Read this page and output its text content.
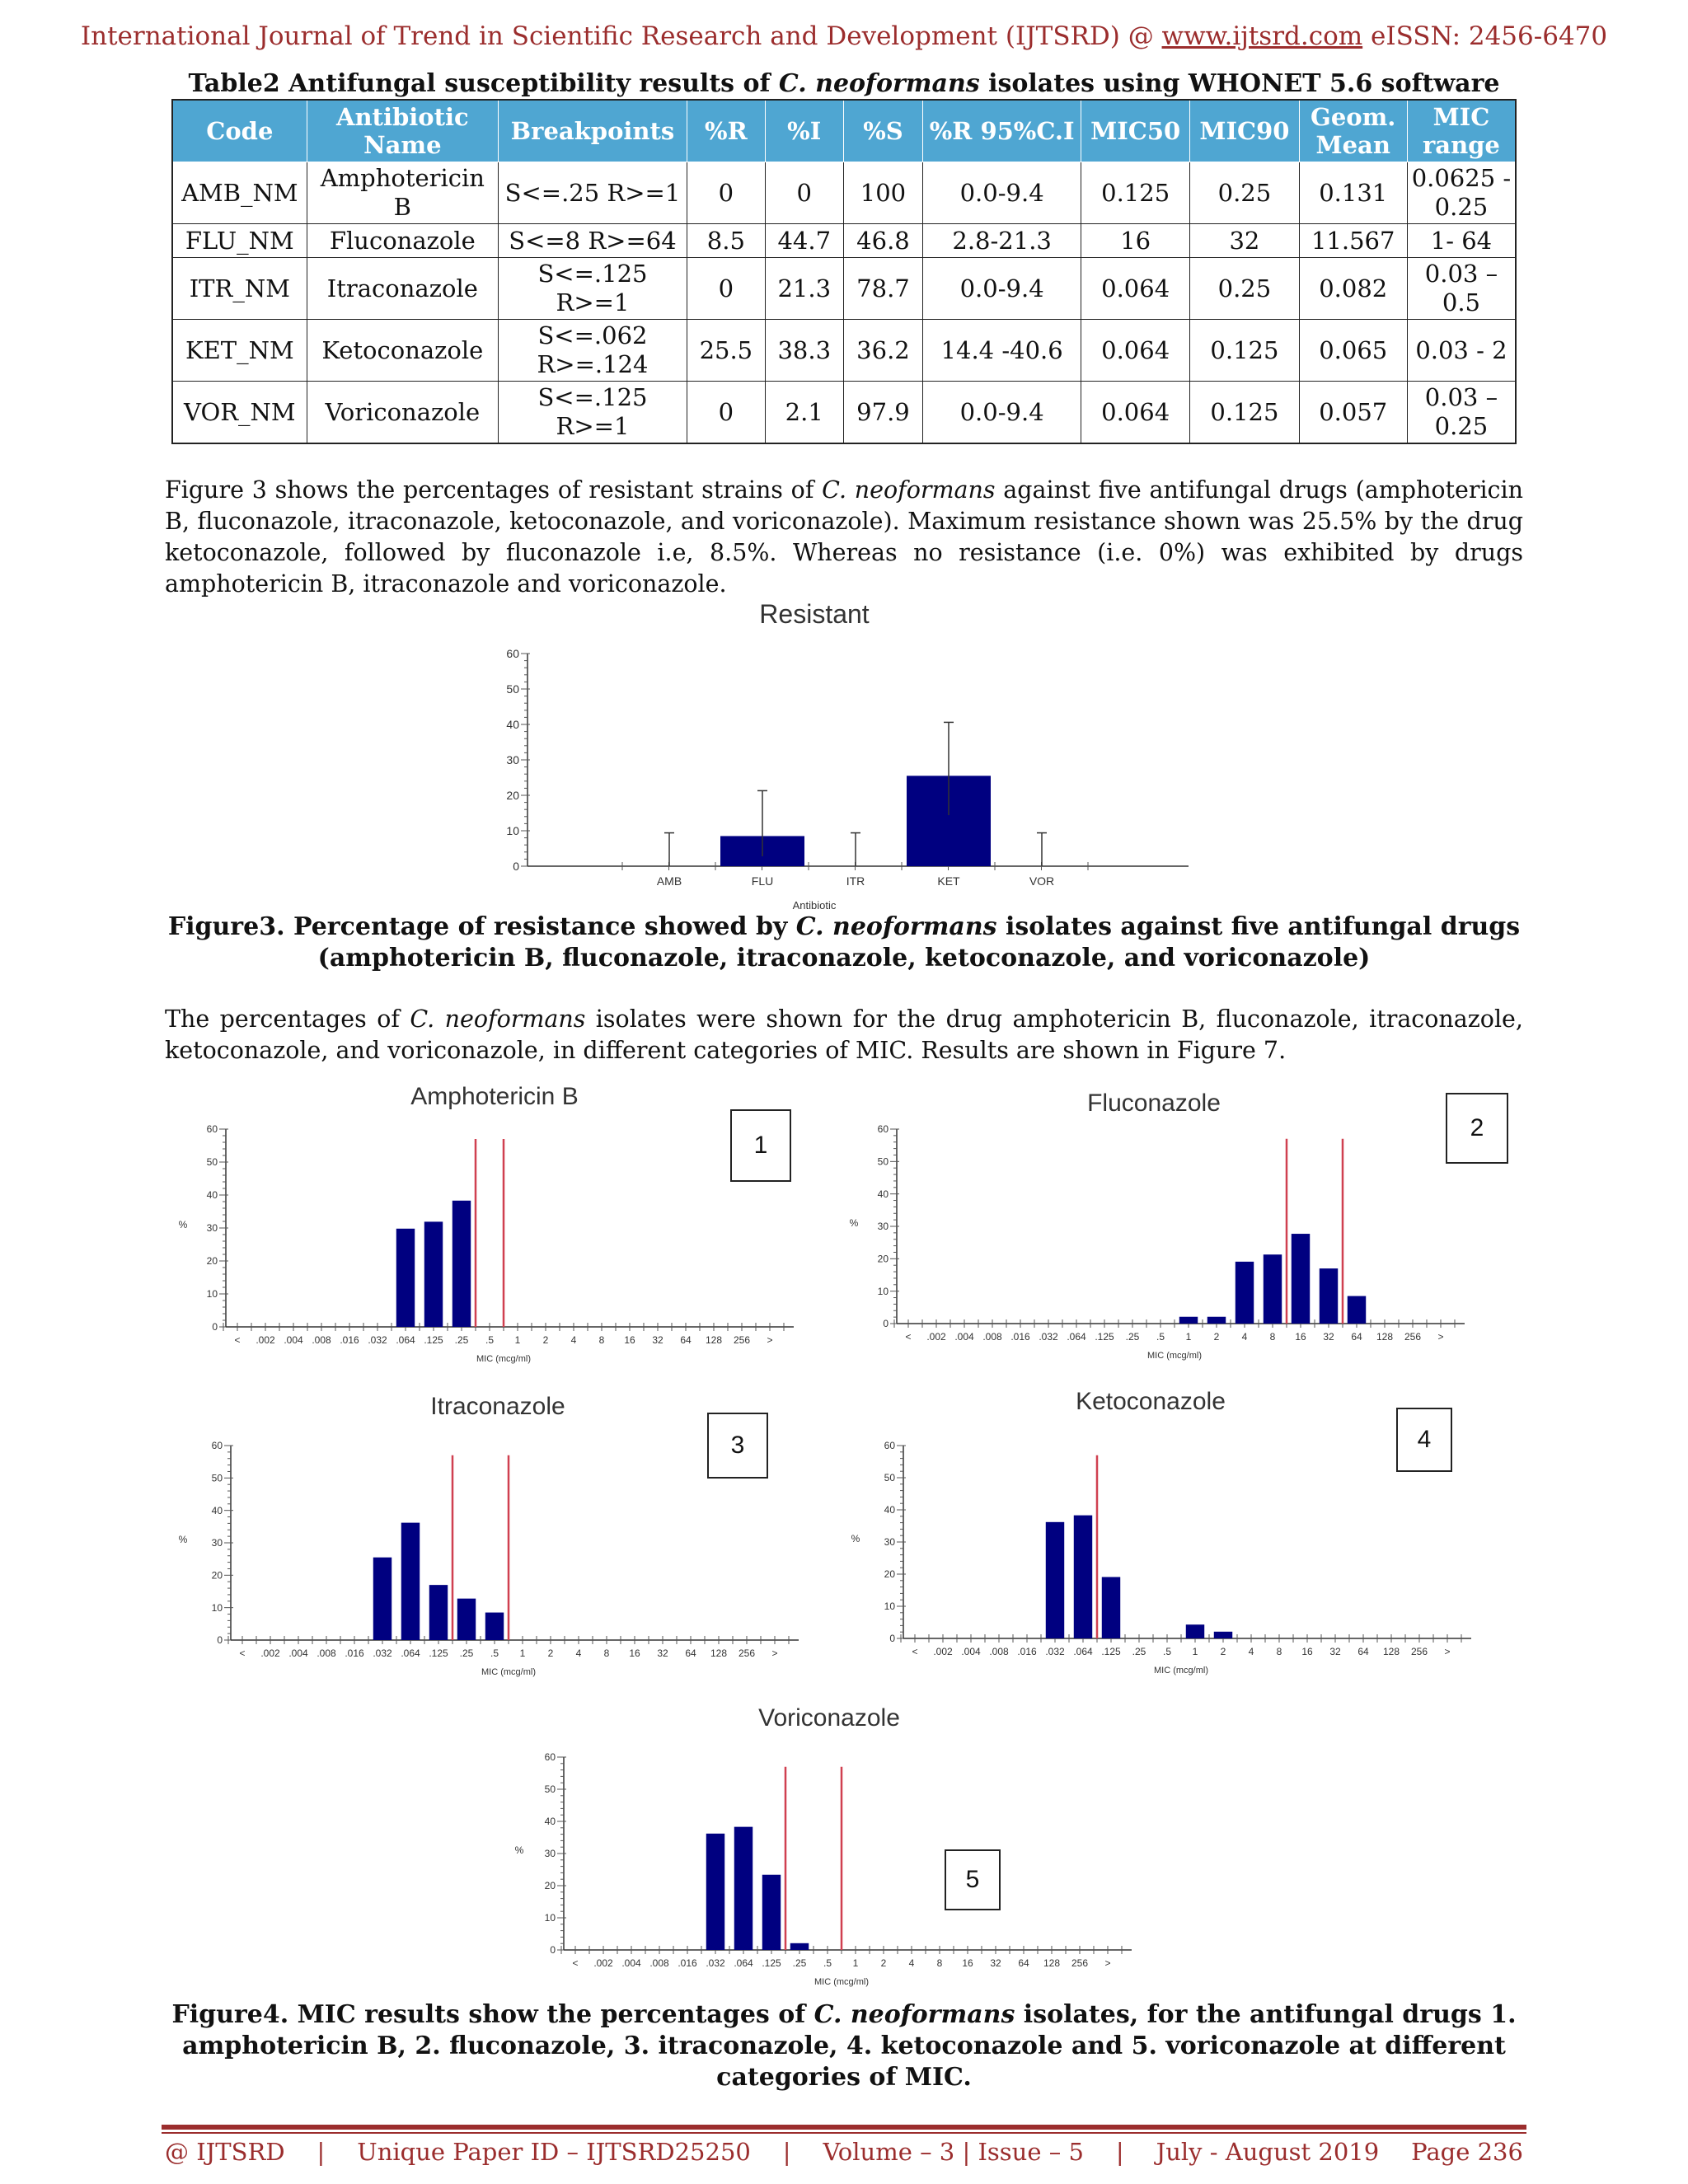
International Journal of Trend in Scientific Research and Development (IJTSRD) @ www.ijtsrd.com eISSN: 2456-6470
Table2 Antifungal susceptibility results of C. neoformans isolates using WHONET 5.6 software
Code	Antibiotic Name	Breakpoints	%R	%I	%S	%R 95%C.I	MIC50	MIC90	Geom. Mean	MIC range
AMB_NM	Amphotericin B	S<=.25 R>=1	0	0	100	0.0-9.4	0.125	0.25	0.131	0.0625 - 0.25
FLU_NM	Fluconazole	S<=8 R>=64	8.5	44.7	46.8	2.8-21.3	16	32	11.567	1- 64
ITR_NM	Itraconazole	S<=.125 R>=1	0	21.3	78.7	0.0-9.4	0.064	0.25	0.082	0.03 – 0.5
KET_NM	Ketoconazole	S<=.062 R>=.124	25.5	38.3	36.2	14.4 -40.6	0.064	0.125	0.065	0.03 - 2
VOR_NM	Voriconazole	S<=.125 R>=1	0	2.1	97.9	0.0-9.4	0.064	0.125	0.057	0.03 – 0.25
Figure 3 shows the percentages of resistant strains of C. neoformans against five antifungal drugs (amphotericin B, fluconazole, itraconazole, ketoconazole, and voriconazole). Maximum resistance shown was 25.5% by the drug ketoconazole, followed by fluconazole i.e, 8.5%. Whereas no resistance (i.e. 0%) was exhibited by drugs amphotericin B, itraconazole and voriconazole.
Resistant
0
10
20
30
40
50
60
AMB	FLU	ITR	KET	VOR
Antibiotic
Figure3. Percentage of resistance showed by C. neoformans isolates against five antifungal drugs (amphotericin B, fluconazole, itraconazole, ketoconazole, and voriconazole)
The percentages of C. neoformans isolates were shown for the drug amphotericin B, fluconazole, itraconazole, ketoconazole, and voriconazole, in different categories of MIC. Results are shown in Figure 7.
Amphotericin B
%
0
10
20
30
40
50
60
< .002 .004 .008 .016 .032 .064 .125 .25 .5 1 2 4 8 16 32 64 128 256 >
MIC (mcg/ml)
Fluconazole
%
0
10
20
30
40
50
60
< .002 .004 .008 .016 .032 .064 .125 .25 .5 1 2 4 8 16 32 64 128 256 >
MIC (mcg/ml)
Itraconazole
%
0
10
20
30
40
50
60
< .002 .004 .008 .016 .032 .064 .125 .25 .5 1 2 4 8 16 32 64 128 256 >
MIC (mcg/ml)
Ketoconazole
%
0
10
20
30
40
50
60
< .002 .004 .008 .016 .032 .064 .125 .25 .5 1 2 4 8 16 32 64 128 256 >
MIC (mcg/ml)
Voriconazole
%
0
10
20
30
40
50
60
< .002 .004 .008 .016 .032 .064 .125 .25 .5 1 2 4 8 16 32 64 128 256 >
MIC (mcg/ml)
1
2
3	4
5
Figure4. MIC results show the percentages of C. neoformans isolates, for the antifungal drugs 1. amphotericin B, 2. fluconazole, 3. itraconazole, 4. ketoconazole and 5. voriconazole at different categories of MIC.
@ IJTSRD | Unique Paper ID – IJTSRD25250 | Volume – 3 | Issue – 5 | July - August 2019 Page 236
